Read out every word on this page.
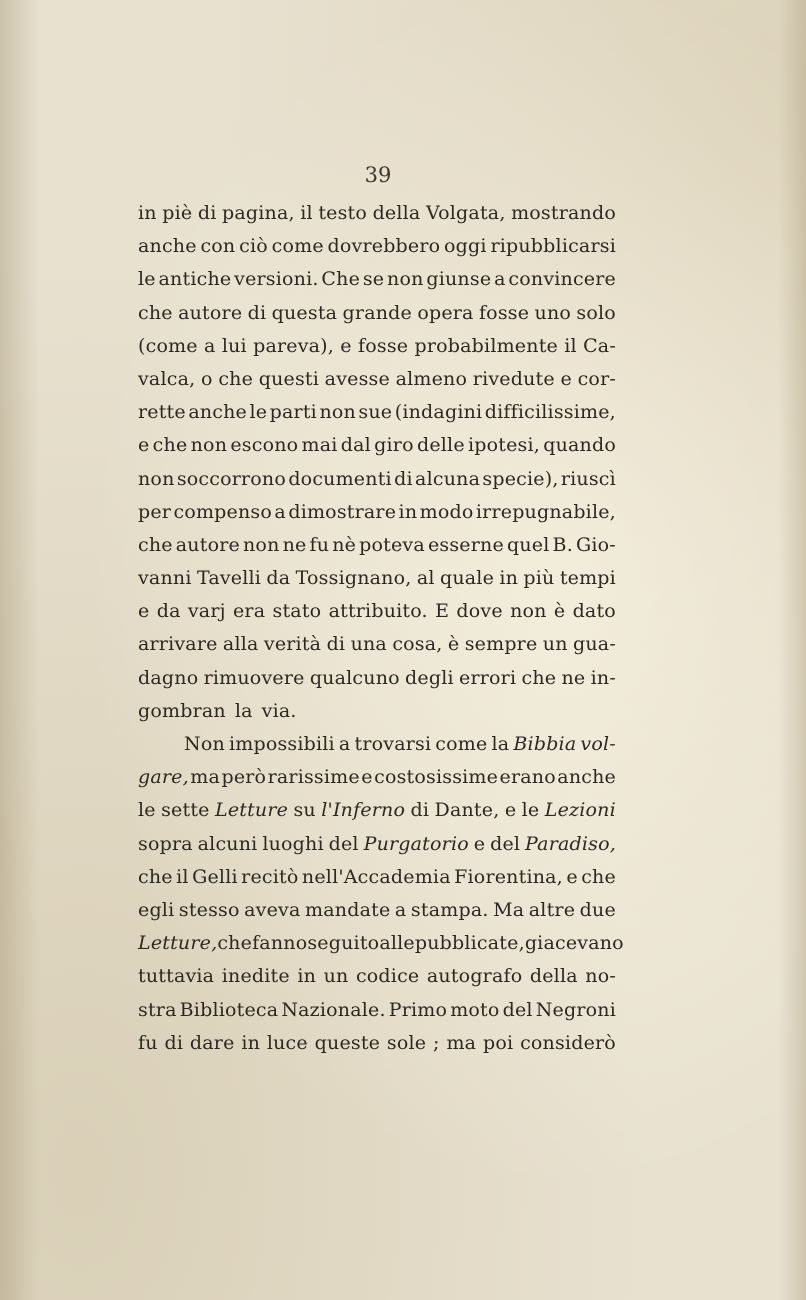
39
in piè di pagina, il testo della Volgata, mostrando
anche con ciò come dovrebbero oggi ripubblicarsi
le antiche versioni. Che se non giunse a convincere
che autore di questa grande opera fosse uno solo
(come a lui pareva), e fosse probabilmente il Ca-
valca, o che questi avesse almeno rivedute e cor-
rette anche le parti non sue (indagini difficilissime,
e che non escono mai dal giro delle ipotesi, quando
non soccorrono documenti di alcuna specie), riuscì
per compenso a dimostrare in modo irrepugnabile,
che autore non ne fu nè poteva esserne quel B. Gio-
vanni Tavelli da Tossignano, al quale in più tempi
e da varj era stato attribuito. E dove non è dato
arrivare alla verità di una cosa, è sempre un gua-
dagno rimuovere qualcuno degli errori che ne in-
gombran la via.
Non impossibili a trovarsi come la Bibbia vol-
gare, ma però rarissime e costosissime erano anche
le sette Letture su l'Inferno di Dante, e le Lezioni
sopra alcuni luoghi del Purgatorio e del Paradiso,
che il Gelli recitò nell'Accademia Fiorentina, e che
egli stesso aveva mandate a stampa. Ma altre due
Letture, che fanno seguito alle pubblicate, giacevano
tuttavia inedite in un codice autografo della no-
stra Biblioteca Nazionale. Primo moto del Negroni
fu di dare in luce queste sole ; ma poi considerò
